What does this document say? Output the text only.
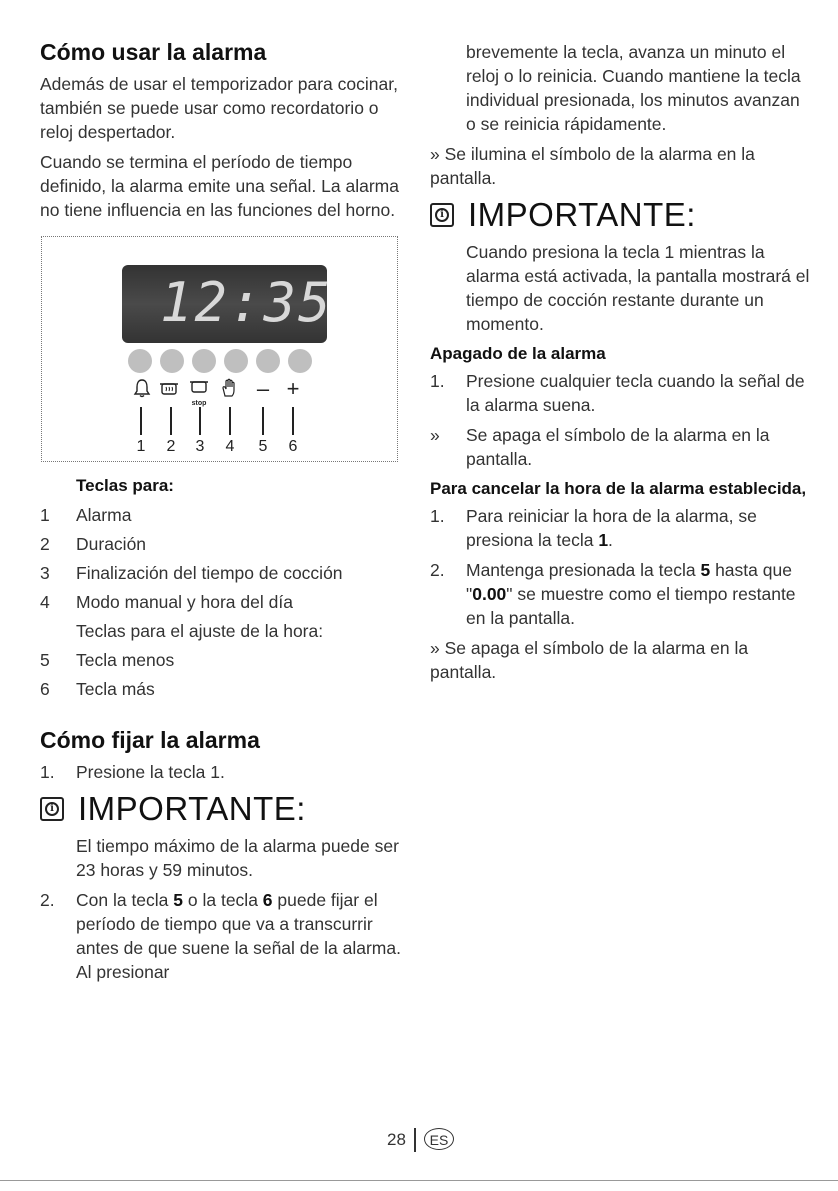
Cómo usar la alarma

Además de usar el temporizador para cocinar, también se puede usar como recordatorio o reloj despertador.

Cuando se termina el período de tiempo definido, la alarma emite una señal. La alarma no tiene influencia en las funciones del horno.

12:35
stop
– +
1	2	3	4	5	6
Teclas para:
1	Alarma
2	Duración
3	Finalización del tiempo de cocción
4	Modo manual y hora del día
Teclas para el ajuste de la hora:
5	Tecla menos
6	Tecla más
Cómo fijar la alarma
1.	Presione la tecla 1.
i IMPORTANTE:

El tiempo máximo de la alarma puede ser 23 horas y 59 minutos.

2.	Con la tecla 5 o la tecla 6 puede fijar el período de tiempo que va a transcurrir antes de que suene la señal de la alarma. Al presionar

brevemente la tecla, avanza un minuto el reloj o lo reinicia. Cuando mantiene la tecla individual presionada, los minutos avanzan o se reinicia rápidamente.

» Se ilumina el símbolo de la alarma en la pantalla.

i IMPORTANTE:

Cuando presiona la tecla 1 mientras la alarma está activada, la pantalla mostrará el tiempo de cocción restante durante un momento.

Apagado de la alarma
1.	Presione cualquier tecla cuando la señal de la alarma suena.
»	Se apaga el símbolo de la alarma en la pantalla.
Para cancelar la hora de la alarma establecida,
1.	Para reiniciar la hora de la alarma, se presiona la tecla 1.
2.	Mantenga presionada la tecla 5 hasta que "0.00" se muestre como el tiempo restante en la pantalla.

» Se apaga el símbolo de la alarma en la pantalla.

28	ES
